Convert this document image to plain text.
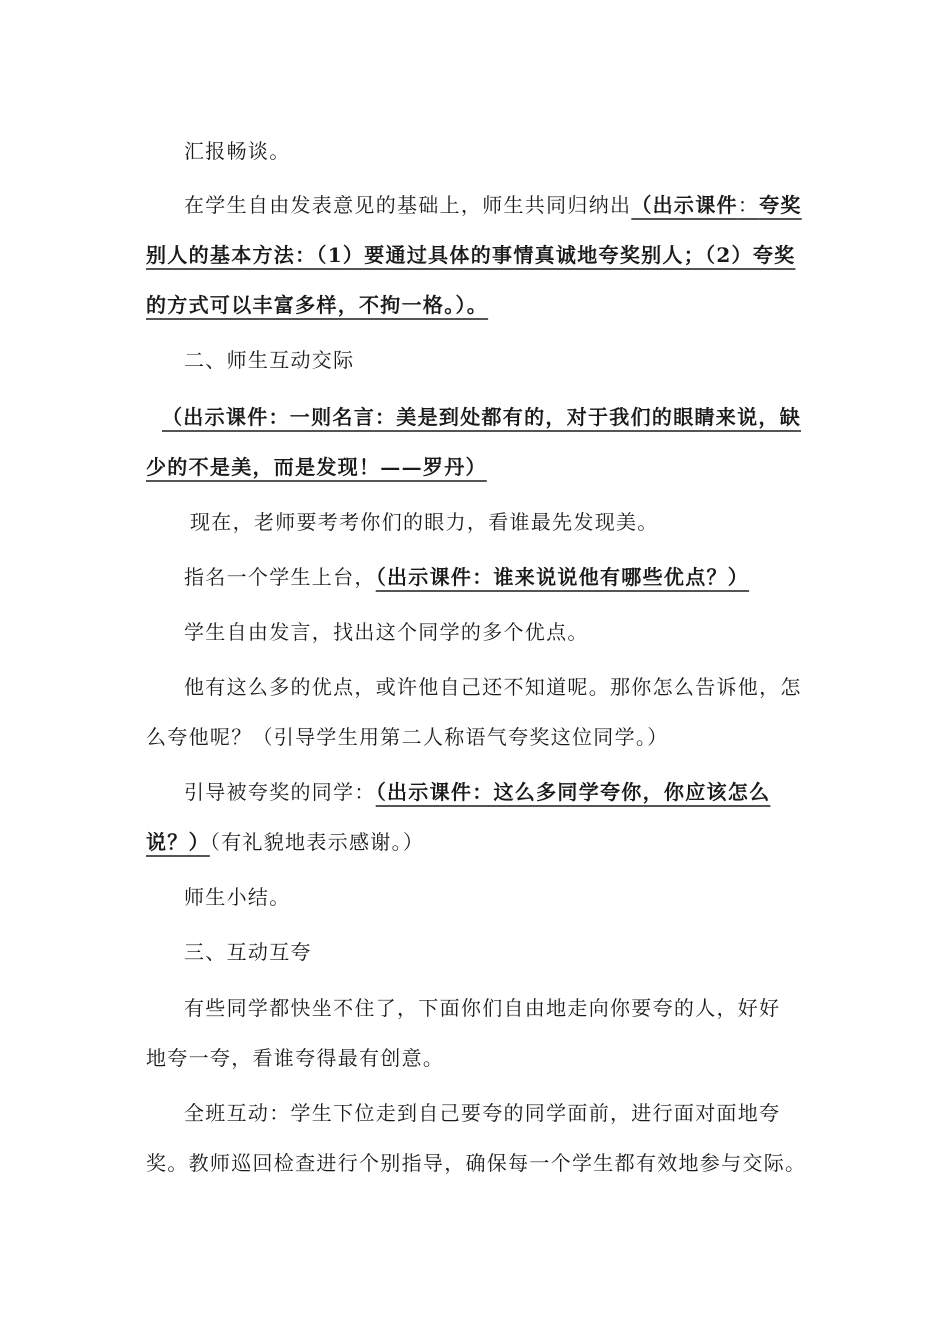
汇报畅谈。
在学生自由发表意见的基础上，师生共同归纳出（出示课件：夸奖
别人的基本方法：（1）要通过具体的事情真诚地夸奖别人；（2）夸奖
的方式可以丰富多样，不拘一格。）。
二、师生互动交际
（出示课件：一则名言：美是到处都有的，对于我们的眼睛来说，缺
少的不是美，而是发现！——罗丹）
现在，老师要考考你们的眼力，看谁最先发现美。
指名一个学生上台，（出示课件：谁来说说他有哪些优点？）
学生自由发言，找出这个同学的多个优点。
他有这么多的优点，或许他自己还不知道呢。那你怎么告诉他，怎
么夸他呢？（引导学生用第二人称语气夸奖这位同学。）
引导被夸奖的同学：（出示课件：这么多同学夸你，你应该怎么
说？）（有礼貌地表示感谢。）
师生小结。
三、互动互夸
有些同学都快坐不住了，下面你们自由地走向你要夸的人，好好
地夸一夸，看谁夸得最有创意。
全班互动：学生下位走到自己要夸的同学面前，进行面对面地夸
奖。教师巡回检查进行个别指导，确保每一个学生都有效地参与交际。
